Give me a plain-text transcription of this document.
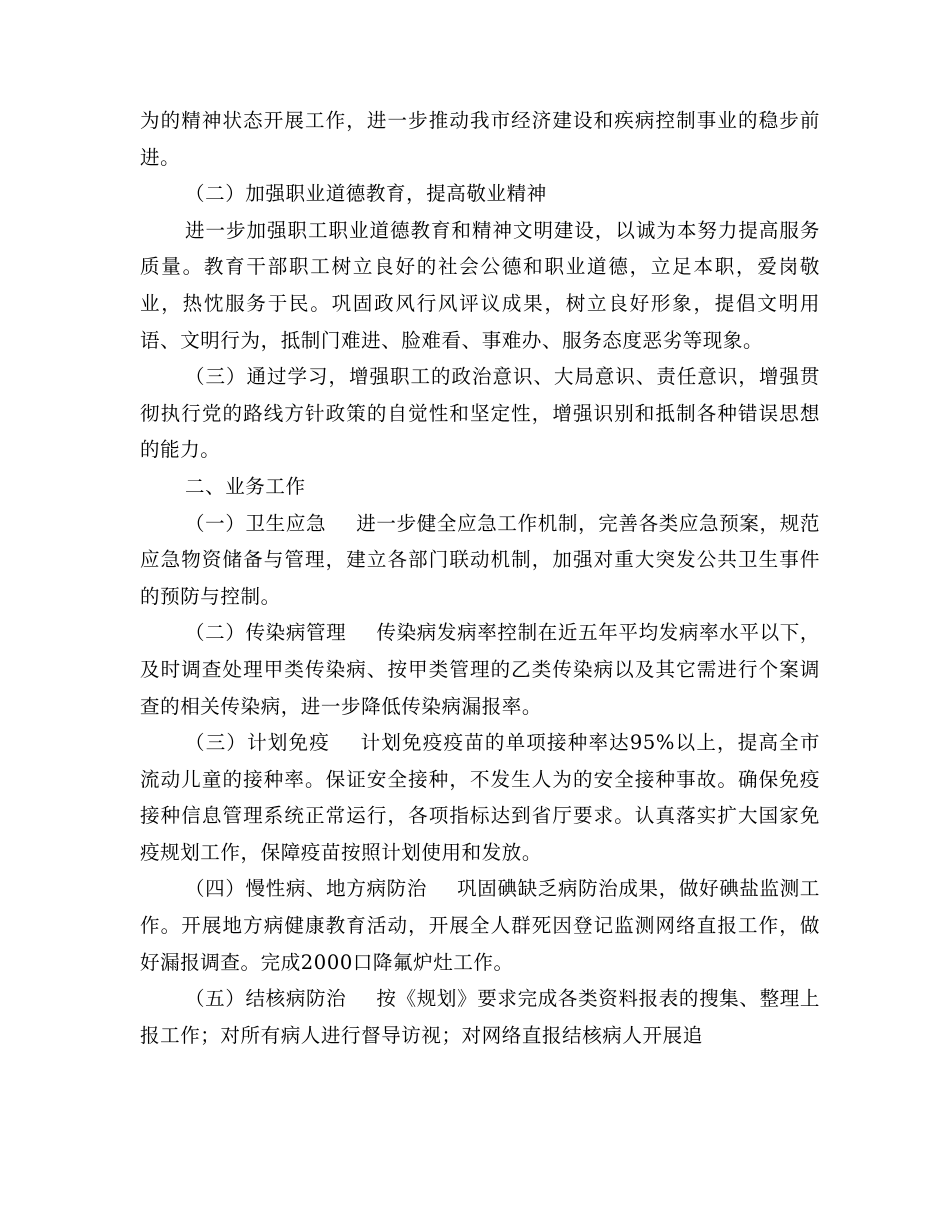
为的精神状态开展工作，进一步推动我市经济建设和疾病控制事业的稳步前进。

（二）加强职业道德教育，提高敬业精神

进一步加强职工职业道德教育和精神文明建设，以诚为本努力提高服务质量。教育干部职工树立良好的社会公德和职业道德，立足本职，爱岗敬业，热忱服务于民。巩固政风行风评议成果，树立良好形象，提倡文明用语、文明行为，抵制门难进、脸难看、事难办、服务态度恶劣等现象。

（三）通过学习，增强职工的政治意识、大局意识、责任意识，增强贯彻执行党的路线方针政策的自觉性和坚定性，增强识别和抵制各种错误思想的能力。

二、业务工作

（一）卫生应急 进一步健全应急工作机制，完善各类应急预案，规范应急物资储备与管理，建立各部门联动机制，加强对重大突发公共卫生事件的预防与控制。

（二）传染病管理 传染病发病率控制在近五年平均发病率水平以下，及时调查处理甲类传染病、按甲类管理的乙类传染病以及其它需进行个案调查的相关传染病，进一步降低传染病漏报率。

（三）计划免疫 计划免疫疫苗的单项接种率达95%以上，提高全市流动儿童的接种率。保证安全接种，不发生人为的安全接种事故。确保免疫接种信息管理系统正常运行，各项指标达到省厅要求。认真落实扩大国家免疫规划工作，保障疫苗按照计划使用和发放。

（四）慢性病、地方病防治 巩固碘缺乏病防治成果，做好碘盐监测工作。开展地方病健康教育活动，开展全人群死因登记监测网络直报工作，做好漏报调查。完成2000口降氟炉灶工作。

（五）结核病防治 按《规划》要求完成各类资料报表的搜集、整理上报工作；对所有病人进行督导访视；对网络直报结核病人开展追
